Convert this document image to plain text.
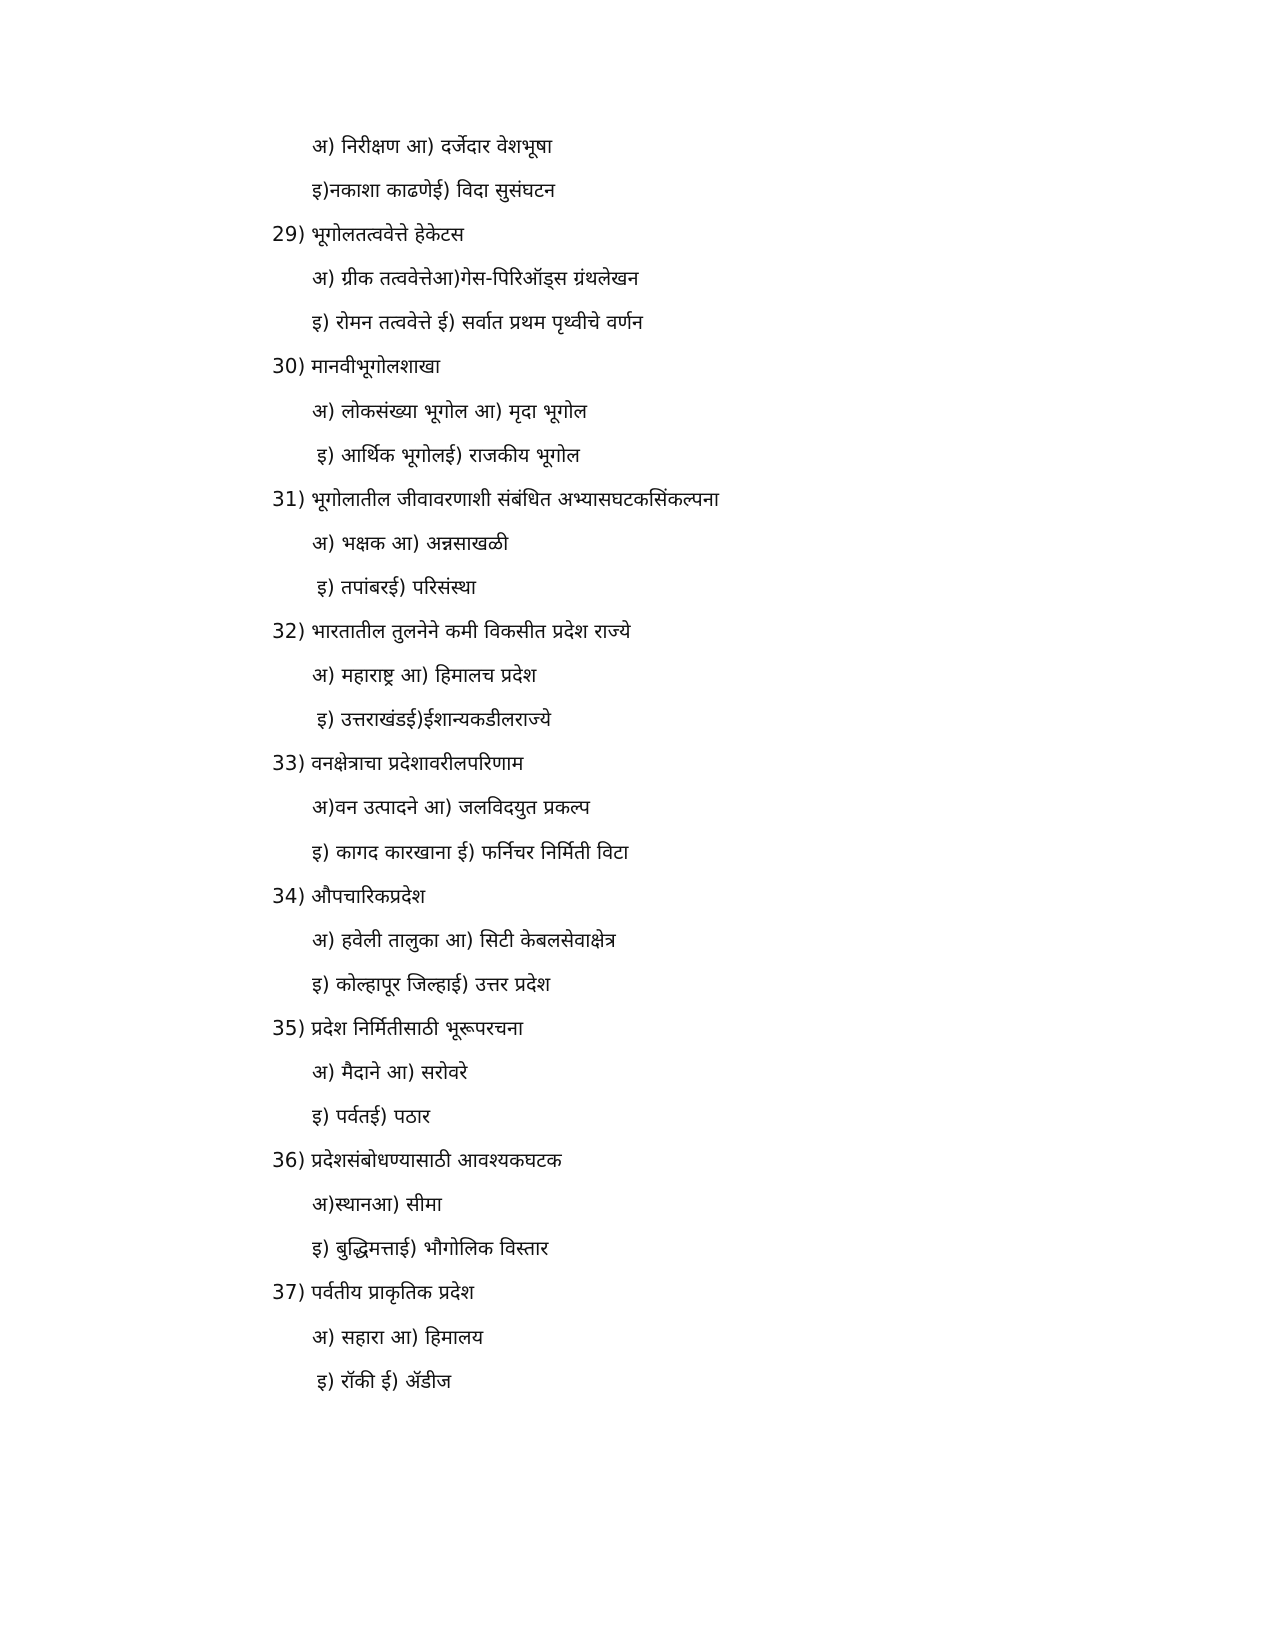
अ) निरीक्षण आ) दर्जेदार वेशभूषा
इ)नकाशा काढणेई) विदा सुसंघटन
29) भूगोलतत्ववेत्ते हेकेटस
अ) ग्रीक तत्ववेत्तेआ)गेस-पिरिऑड्स ग्रंथलेखन
इ) रोमन तत्ववेत्ते ई) सर्वात प्रथम पृथ्वीचे वर्णन
30) मानवीभूगोलशाखा
अ) लोकसंख्या भूगोल आ) मृदा भूगोल
इ) आर्थिक भूगोलई) राजकीय भूगोल
31) भूगोलातील जीवावरणाशी संबंधित अभ्यासघटकसिंकल्पना
अ) भक्षक आ) अन्नसाखळी
इ) तपांबरई) परिसंस्था
32) भारतातील तुलनेने कमी विकसीत प्रदेश राज्ये
अ) महाराष्ट्र आ) हिमालच प्रदेश
इ) उत्तराखंडई)ईशान्यकडीलराज्ये
33) वनक्षेत्राचा प्रदेशावरीलपरिणाम
अ)वन उत्पादने आ) जलविदयुत प्रकल्प
इ) कागद कारखाना ई) फर्निचर निर्मिती विटा
34) औपचारिकप्रदेश
अ) हवेली तालुका आ) सिटी केबलसेवाक्षेत्र
इ) कोल्हापूर जिल्हाई) उत्तर प्रदेश
35) प्रदेश निर्मितीसाठी भूरूपरचना
अ) मैदाने आ) सरोवरे
इ) पर्वतई) पठार
36) प्रदेशसंबोधण्यासाठी आवश्यकघटक
अ)स्थानआ) सीमा
इ) बुद्धिमत्ताई) भौगोलिक विस्तार
37) पर्वतीय प्राकृतिक प्रदेश
अ) सहारा आ) हिमालय
इ) रॉकी ई) ॲडीज
